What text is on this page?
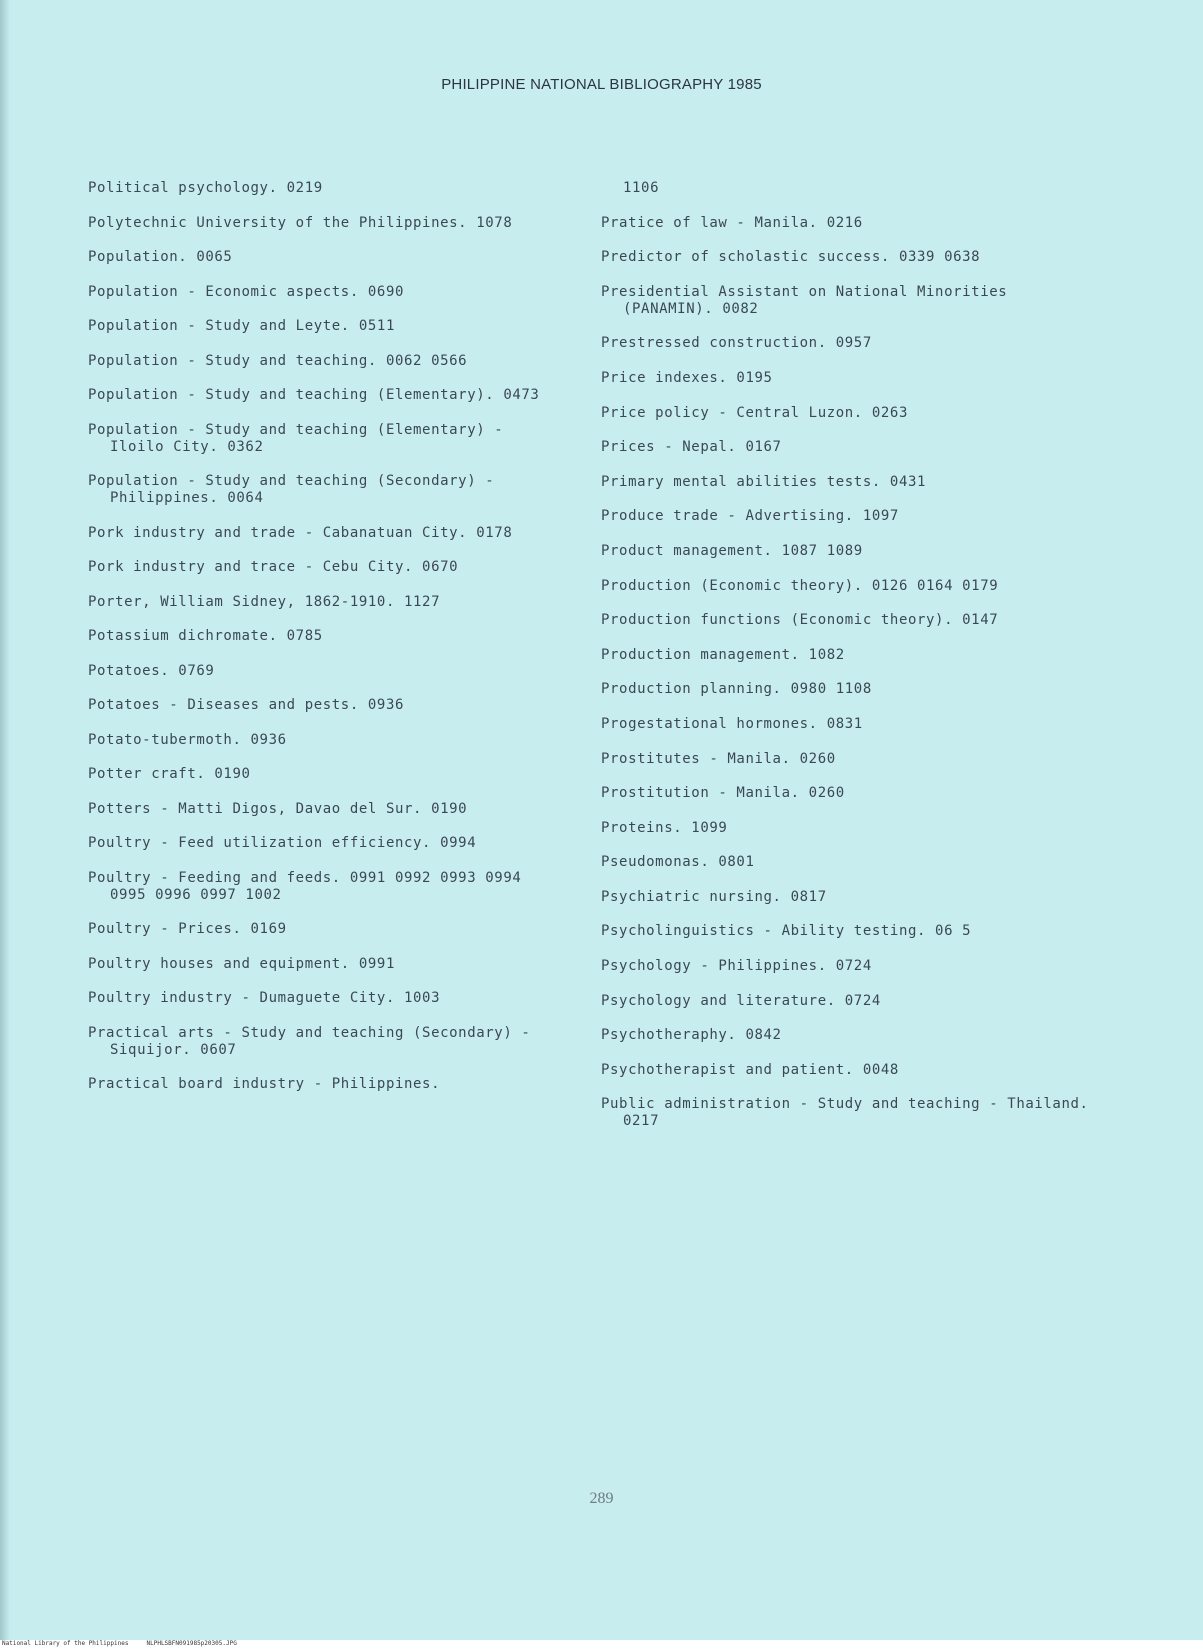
PHILIPPINE NATIONAL BIBLIOGRAPHY 1985
Political psychology. 0219
Polytechnic University of the Philippines. 1078
Population. 0065
Population - Economic aspects. 0690
Population - Study and Leyte. 0511
Population - Study and teaching. 0062 0566
Population - Study and teaching (Elementary). 0473
Population - Study and teaching (Elementary) - Iloilo City. 0362
Population - Study and teaching (Secondary) - Philippines. 0064
Pork industry and trade - Cabanatuan City. 0178
Pork industry and trace - Cebu City. 0670
Porter, William Sidney, 1862-1910. 1127
Potassium dichromate. 0785
Potatoes. 0769
Potatoes - Diseases and pests. 0936
Potato-tubermoth. 0936
Potter craft. 0190
Potters - Matti Digos, Davao del Sur. 0190
Poultry - Feed utilization efficiency. 0994
Poultry - Feeding and feeds. 0991 0992 0993 0994 0995 0996 0997 1002
Poultry - Prices. 0169
Poultry houses and equipment. 0991
Poultry industry - Dumaguete City. 1003
Practical arts - Study and teaching (Secondary) - Siquijor. 0607
Practical board industry - Philippines.
1106
Pratice of law - Manila. 0216
Predictor of scholastic success. 0339 0638
Presidential Assistant on National Minorities (PANAMIN). 0082
Prestressed construction. 0957
Price indexes. 0195
Price policy - Central Luzon. 0263
Prices - Nepal. 0167
Primary mental abilities tests. 0431
Produce trade - Advertising. 1097
Product management. 1087 1089
Production (Economic theory). 0126 0164 0179
Production functions (Economic theory). 0147
Production management. 1082
Production planning. 0980 1108
Progestational hormones. 0831
Prostitutes - Manila. 0260
Prostitution - Manila. 0260
Proteins. 1099
Pseudomonas. 0801
Psychiatric nursing. 0817
Psycholinguistics - Ability testing. 06 5
Psychology - Philippines. 0724
Psychology and literature. 0724
Psychotheraphy. 0842
Psychotherapist and patient. 0048
Public administration - Study and teaching - Thailand. 0217
289
National Library of the Philippines     NLPHLSBFN091985p20305.JPG
